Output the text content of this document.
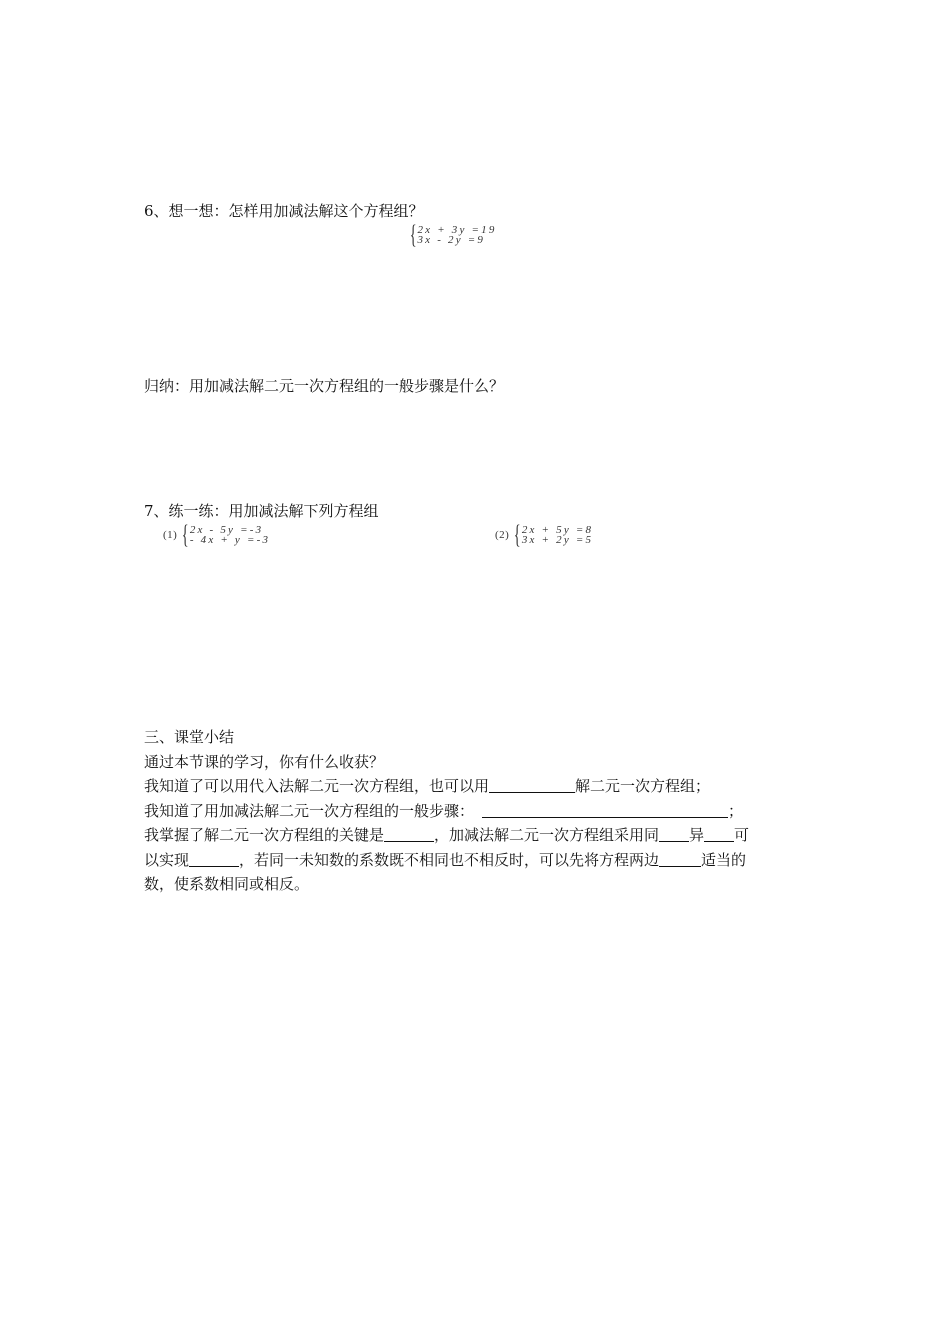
6、想一想：怎样用加减法解这个方程组？
{ 2x + 3y =19
3x - 2y =9
归纳：用加减法解二元一次方程组的一般步骤是什么？
7、练一练：用加减法解下列方程组
(1) { 2x - 5y =-3
- 4x + y =-3	(2) { 2x + 5y =8
3x + 2y =5

三、课堂小结

通过本节课的学习，你有什么收获？

我知道了可以用代入法解二元一次方程组，也可以用	解二元一次方程组；

我知道了用加减法解二元一次方程组的一般步骤：	；

我掌握了解二元一次方程组的关键是	，加减法解二元一次方程组采用同 异 可

以实现	，若同一未知数的系数既不相同也不相反时，可以先将方程两边	适当的

数，使系数相同或相反。
